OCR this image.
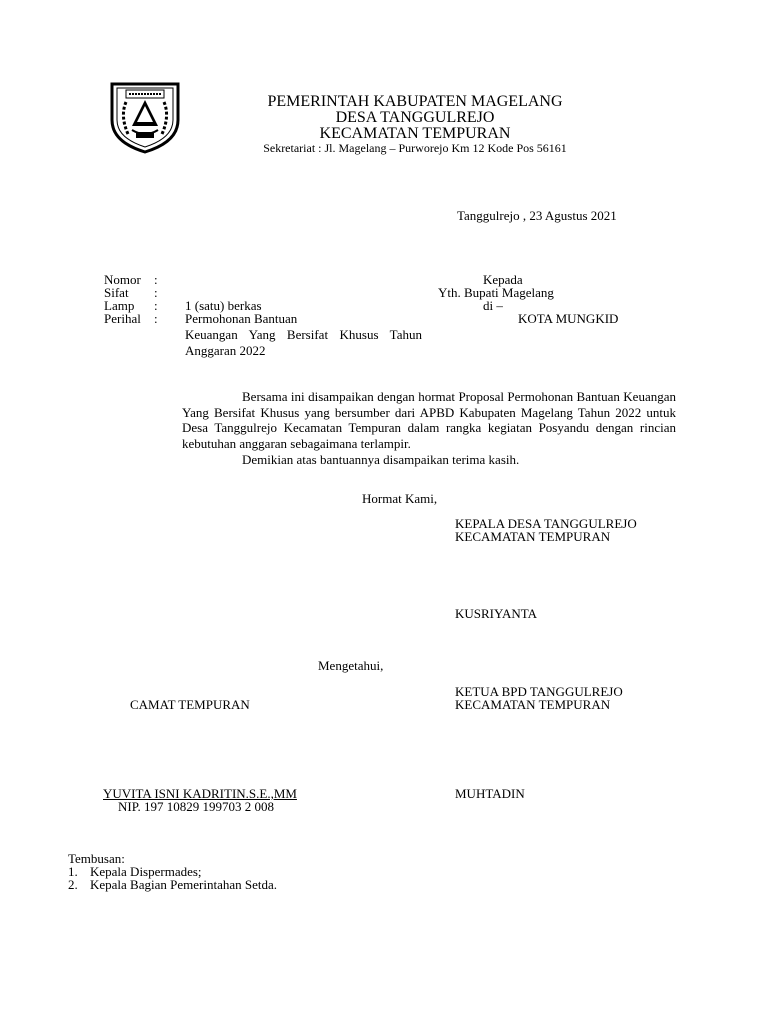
PEMERINTAH KABUPATEN MAGELANG
DESA TANGGULREJO
KECAMATAN TEMPURAN
Sekretariat : Jl. Magelang – Purworejo Km 12 Kode Pos 56161
Tanggulrejo , 23 Agustus 2021
Nomor :
Sifat :
Lamp : 1 (satu) berkas
Perihal : Permohonan Bantuan
Keuangan Yang Bersifat Khusus Tahun
Anggaran 2022
Kepada
Yth. Bupati Magelang
di –
KOTA MUNGKID
Bersama ini disampaikan dengan hormat Proposal Permohonan Bantuan Keuangan Yang Bersifat Khusus yang bersumber dari APBD Kabupaten Magelang Tahun 2022 untuk Desa Tanggulrejo Kecamatan Tempuran dalam rangka kegiatan Posyandu dengan rincian kebutuhan anggaran sebagaimana terlampir.
Demikian atas bantuannya disampaikan terima kasih.
Hormat Kami,
KEPALA DESA TANGGULREJO
KECAMATAN TEMPURAN
KUSRIYANTA
Mengetahui,
KETUA BPD TANGGULREJO
KECAMATAN TEMPURAN
CAMAT TEMPURAN
YUVITA ISNI KADRITIN.S.E.,MM
NIP. 197 10829 199703 2 008
MUHTADIN
Tembusan:
1. Kepala Dispermades;
2. Kepala Bagian Pemerintahan Setda.
